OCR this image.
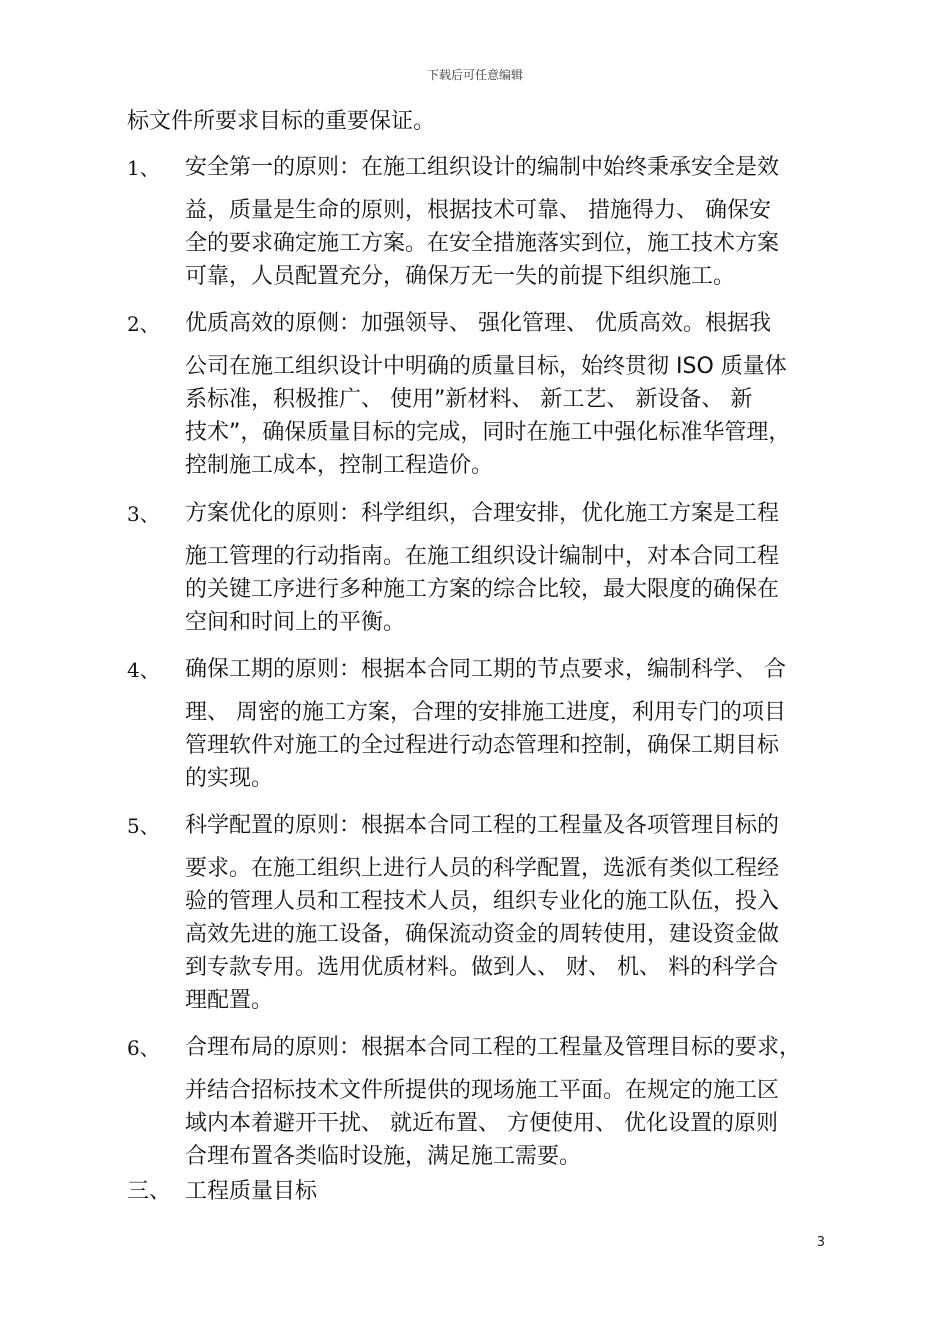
下载后可任意编辑
标文件所要求目标的重要保证。
1、 安全第一的原则：在施工组织设计的编制中始终秉承安全是效
益，质量是生命的原则，根据技术可靠、 措施得力、 确保安
全的要求确定施工方案。在安全措施落实到位，施工技术方案
可靠，人员配置充分，确保万无一失的前提下组织施工。
2、 优质高效的原侧：加强领导、 强化管理、 优质高效。根据我
公司在施工组织设计中明确的质量目标，始终贯彻 ISO 质量体
系标准，积极推广、 使用”新材料、 新工艺、 新设备、 新
技术”，确保质量目标的完成，同时在施工中强化标准华管理，
控制施工成本，控制工程造价。
3、 方案优化的原则：科学组织，合理安排，优化施工方案是工程
施工管理的行动指南。在施工组织设计编制中，对本合同工程
的关键工序进行多种施工方案的综合比较，最大限度的确保在
空间和时间上的平衡。
4、 确保工期的原则：根据本合同工期的节点要求，编制科学、 合
理、 周密的施工方案，合理的安排施工进度，利用专门的项目
管理软件对施工的全过程进行动态管理和控制，确保工期目标
的实现。
5、 科学配置的原则：根据本合同工程的工程量及各项管理目标的
要求。在施工组织上进行人员的科学配置，选派有类似工程经
验的管理人员和工程技术人员，组织专业化的施工队伍，投入
高效先进的施工设备，确保流动资金的周转使用，建设资金做
到专款专用。选用优质材料。做到人、 财、 机、 料的科学合
理配置。
6、 合理布局的原则：根据本合同工程的工程量及管理目标的要求，
并结合招标技术文件所提供的现场施工平面。在规定的施工区
域内本着避开干扰、 就近布置、 方便使用、 优化设置的原则
合理布置各类临时设施，满足施工需要。
三、 工程质量目标
3
